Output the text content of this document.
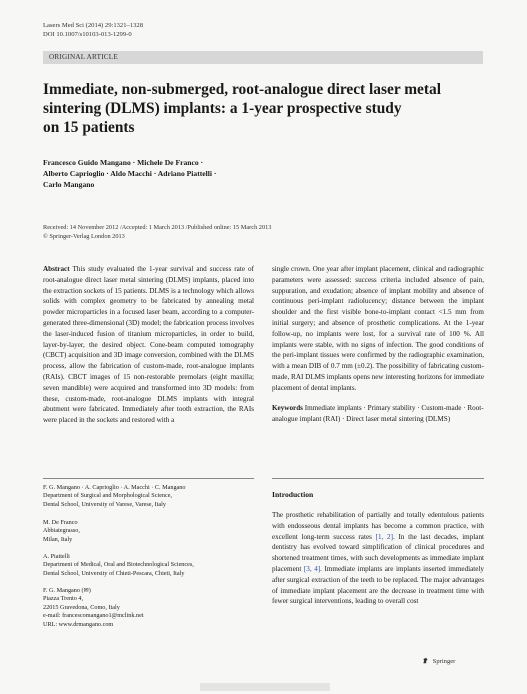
Lasers Med Sci (2014) 29:1321–1328
DOI 10.1007/s10103-013-1299-0
ORIGINAL ARTICLE
Immediate, non-submerged, root-analogue direct laser metal
sintering (DLMS) implants: a 1-year prospective study
on 15 patients
Francesco Guido Mangano · Michele De Franco ·
Alberto Caprioglio · Aldo Macchi · Adriano Piattelli ·
Carlo Mangano
Received: 14 November 2012 /Accepted: 1 March 2013 /Published online: 15 March 2013
© Springer-Verlag London 2013
Abstract This study evaluated the 1-year survival and success rate of root-analogue direct laser metal sintering (DLMS) implants, placed into the extraction sockets of 15 patients. DLMS is a technology which allows solids with complex geometry to be fabricated by annealing metal powder microparticles in a focused laser beam, according to a computer-generated three-dimensional (3D) model; the fabrication process involves the laser-induced fusion of titanium microparticles, in order to build, layer-by-layer, the desired object. Cone-beam computed tomography (CBCT) acquisition and 3D image conversion, combined with the DLMS process, allow the fabrication of custom-made, root-analogue implants (RAIs). CBCT images of 15 non-restorable premolars (eight maxilla; seven mandible) were acquired and transformed into 3D models: from these, custom-made, root-analogue DLMS implants with integral abutment were fabricated. Immediately after tooth extraction, the RAIs were placed in the sockets and restored with a
single crown. One year after implant placement, clinical and radiographic parameters were assessed: success criteria included absence of pain, suppuration, and exudation; absence of implant mobility and absence of continuous peri-implant radiolucency; distance between the implant shoulder and the first visible bone-to-implant contact <1.5 mm from initial surgery; and absence of prosthetic complications. At the 1-year follow-up, no implants were lost, for a survival rate of 100 %. All implants were stable, with no signs of infection. The good conditions of the peri-implant tissues were confirmed by the radiographic examination, with a mean DIB of 0.7 mm (±0.2). The possibility of fabricating custom-made, RAI DLMS implants opens new interesting horizons for immediate placement of dental implants.
Keywords Immediate implants · Primary stability · Custom-made · Root-analogue implant (RAI) · Direct laser metal sintering (DLMS)
F. G. Mangano · A. Caprioglio · A. Macchi · C. Mangano
Department of Surgical and Morphological Science,
Dental School, University of Varese, Varese, Italy
M. De Franco
Abbiategrasso,
Milan, Italy
A. Piattelli
Department of Medical, Oral and Biotechnological Sciences,
Dental School, University of Chieti-Pescara, Chieti, Italy
F. G. Mangano (✉)
Piazza Trento 4,
22015 Gravedona, Como, Italy
e-mail: francescomangano1@mclink.net
URL: www.drmangano.com
Introduction
The prosthetic rehabilitation of partially and totally edentulous patients with endosseous dental implants has become a common practice, with excellent long-term success rates [1, 2]. In the last decades, implant dentistry has evolved toward simplification of clinical procedures and shortened treatment times, with such developments as immediate implant placement [3, 4]. Immediate implants are implants inserted immediately after surgical extraction of the teeth to be replaced. The major advantages of immediate implant placement are the decrease in treatment time with fewer surgical interventions, leading to overall cost
Springer
